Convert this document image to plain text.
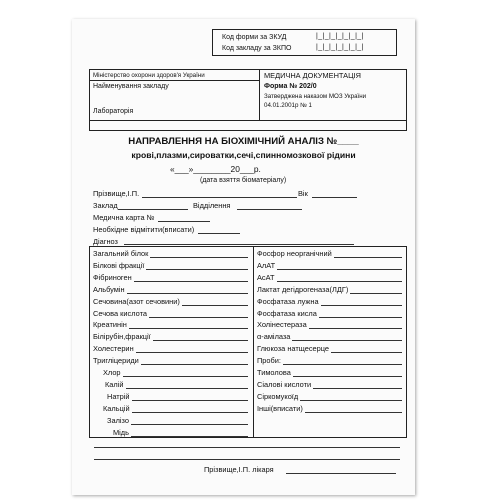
Код форми за ЗКУД	|_|_|_|_|_|_|_|
Код закладу за ЗКПО	|_|_|_|_|_|_|_|
Міністерство охорони здоров'я України
Найменування закладу
Лабораторія
МЕДИЧНА ДОКУМЕНТАЦІЯ
Форма № 202/0
Затверджена наказом МОЗ України
04.01.2001р № 1
НАПРАВЛЕННЯ НА БІОХІМІЧНИЙ АНАЛІЗ №____
крові,плазми,сироватки,сечі,спинномозкової рідини
«___»________20___р.
(дата взяття біоматеріалу)
Прізвище,І.П.	Вік
Заклад	Відділення
Медична карта №
Необхідне відмітити(вписати)
Діагноз
Прізвище,І.П. лікаря
Загальний білок
Білкові фракції
Фібриноген
Альбумін
Сечовина(азот сечовини)
Сечова кислота
Креатинін
Білірубін,фракції
Холестерин
Тригліцериди
Хлор
Калій
Натрій
Кальцій
Залізо
Мідь
Фосфор неорганічний
АлАТ
АсАТ
Лактат дегідрогеназа(ЛДГ)
Фосфатаза лужна
Фосфатаза кисла
Холінестераза
α-амілаза
Глюкоза натщесерце
Проби:
Тимолова
Сіалові кислоти
Сіркомукоїд
Інші(вписати)
